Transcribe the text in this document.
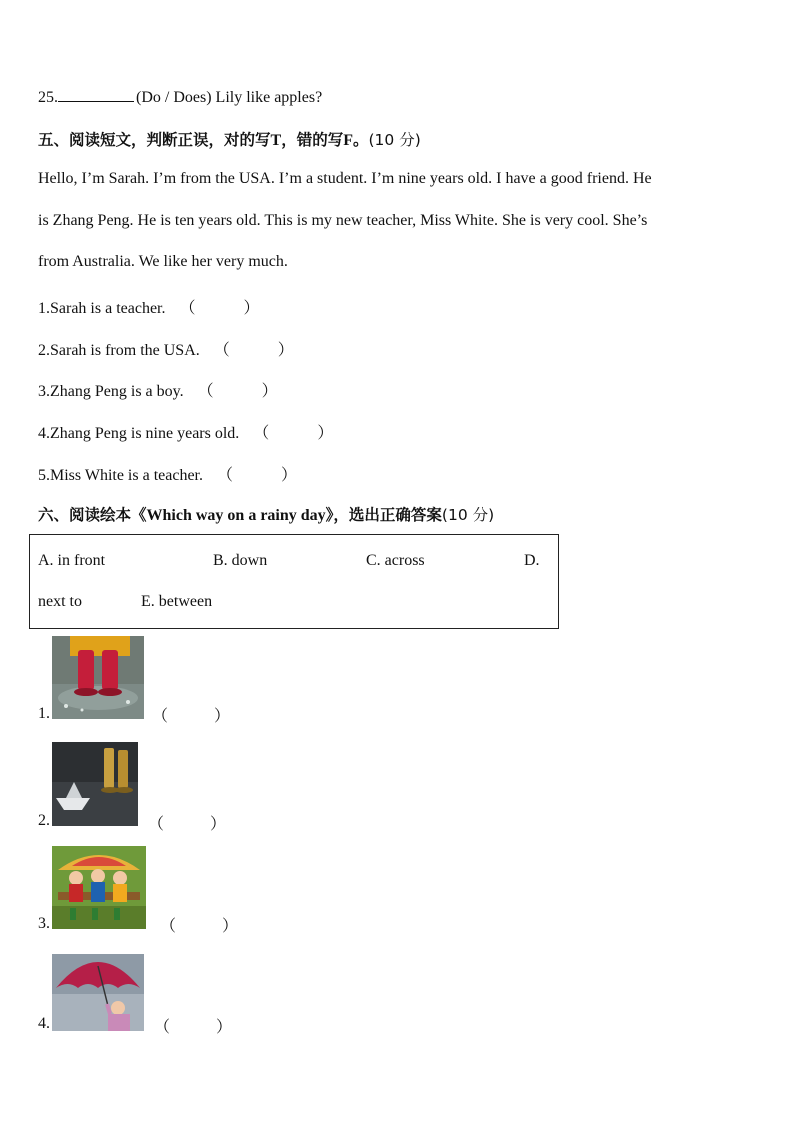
25.	(Do / Does) Lily like apples?
五、阅读短文，判断正误，对的写T，错的写F。(10 分)
Hello, I’m Sarah. I’m from the USA. I’m a student. I’m nine years old. I have a good friend. He
is Zhang Peng. He is ten years old. This is my new teacher, Miss White. She is very cool. She’s
from Australia. We like her very much.
1.Sarah is a teacher. （	）
2.Sarah is from the USA. （	）
3.Zhang Peng is a boy. （	）
4.Zhang Peng is nine years old. （	）
5.Miss White is a teacher. （	）
六、阅读绘本《Which way on a rainy day》，选出正确答案(10 分)
A. in front	B. down	C. across	D.
next to	E. between
1.	（	）
2.	（	）
3.	（	）
4.	（	）
